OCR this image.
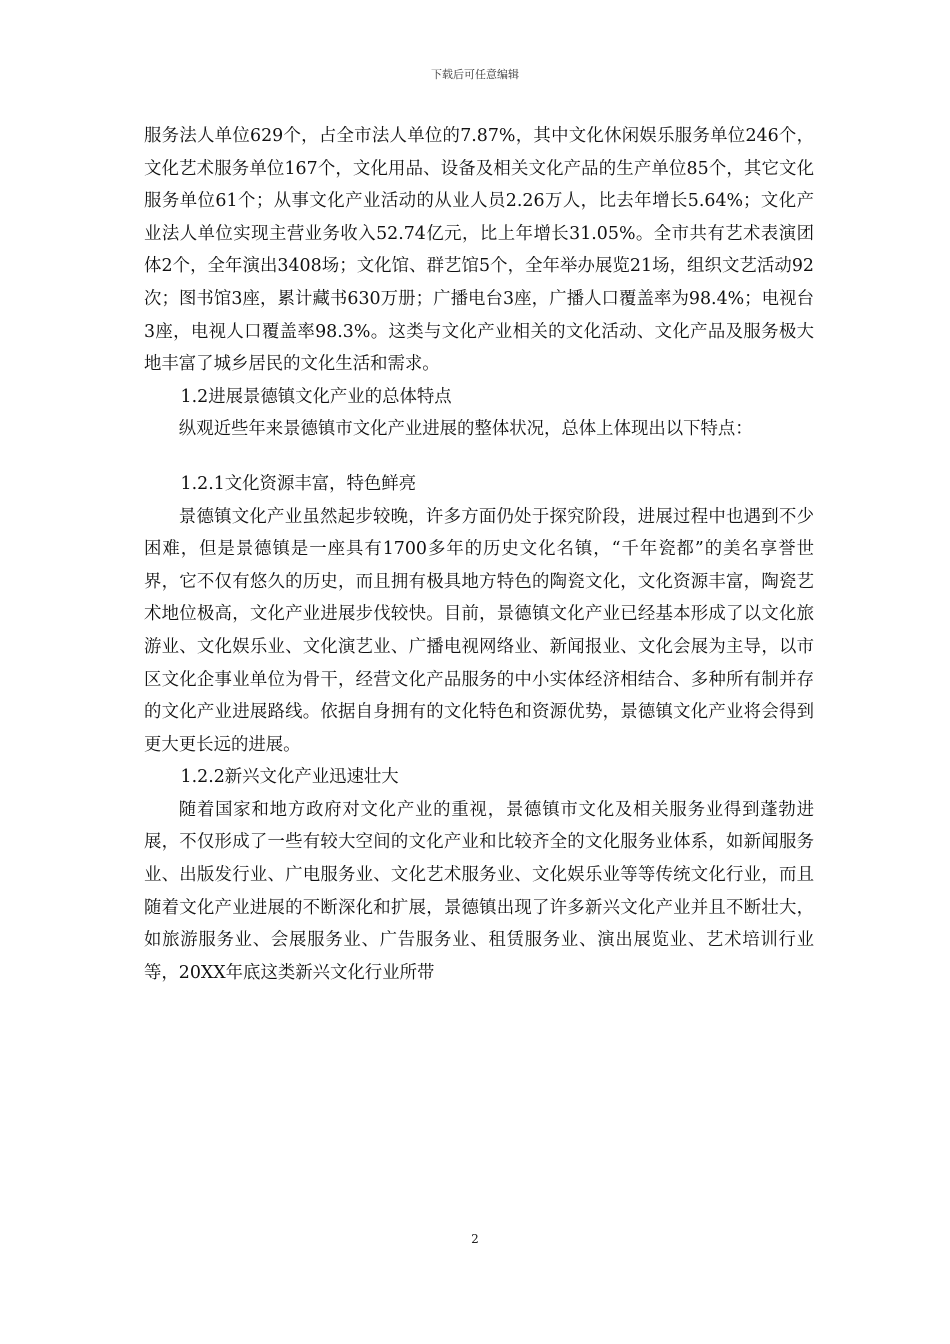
下载后可任意编辑

服务法人单位629个，占全市法人单位的7.87%，其中文化休闲娱乐服务单位246个，文化艺术服务单位167个，文化用品、设备及相关文化产品的生产单位85个，其它文化服务单位61个；从事文化产业活动的从业人员2.26万人，比去年增长5.64%；文化产业法人单位实现主营业务收入52.74亿元，比上年增长31.05%。全市共有艺术表演团体2个，全年演出3408场；文化馆、群艺馆5个，全年举办展览21场，组织文艺活动92次；图书馆3座，累计藏书630万册；广播电台3座，广播人口覆盖率为98.4%；电视台3座，电视人口覆盖率98.3%。这类与文化产业相关的文化活动、文化产品及服务极大地丰富了城乡居民的文化生活和需求。

1.2进展景德镇文化产业的总体特点

纵观近些年来景德镇市文化产业进展的整体状况，总体上体现出以下特点：

1.2.1文化资源丰富，特色鲜亮

景德镇文化产业虽然起步较晚，许多方面仍处于探究阶段，进展过程中也遇到不少困难，但是景德镇是一座具有1700多年的历史文化名镇，“千年瓷都”的美名享誉世界，它不仅有悠久的历史，而且拥有极具地方特色的陶瓷文化，文化资源丰富，陶瓷艺术地位极高，文化产业进展步伐较快。目前，景德镇文化产业已经基本形成了以文化旅游业、文化娱乐业、文化演艺业、广播电视网络业、新闻报业、文化会展为主导，以市区文化企事业单位为骨干，经营文化产品服务的中小实体经济相结合、多种所有制并存的文化产业进展路线。依据自身拥有的文化特色和资源优势，景德镇文化产业将会得到更大更长远的进展。

1.2.2新兴文化产业迅速壮大

随着国家和地方政府对文化产业的重视，景德镇市文化及相关服务业得到蓬勃进展，不仅形成了一些有较大空间的文化产业和比较齐全的文化服务业体系，如新闻服务业、出版发行业、广电服务业、文化艺术服务业、文化娱乐业等等传统文化行业，而且随着文化产业进展的不断深化和扩展，景德镇出现了许多新兴文化产业并且不断壮大，如旅游服务业、会展服务业、广告服务业、租赁服务业、演出展览业、艺术培训行业等，20XX年底这类新兴文化行业所带

2
